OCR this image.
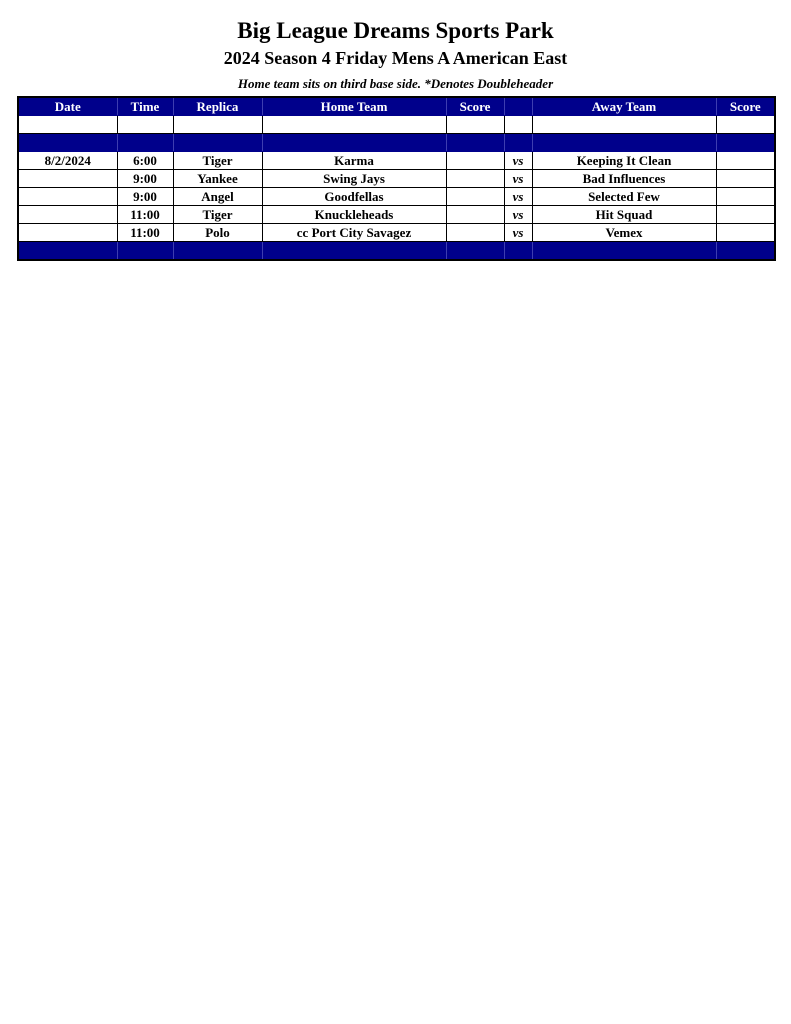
Big League Dreams Sports Park
2024 Season 4 Friday Mens A American East
Home team sits on third base side. *Denotes Doubleheader
Date	Time	Replica	Home Team	Score		Away Team	Score

8/2/2024	6:00	Tiger	Karma		vs	Keeping It Clean	
	9:00	Yankee	Swing Jays		vs	Bad Influences	
	9:00	Angel	Goodfellas		vs	Selected Few	
	11:00	Tiger	Knuckleheads		vs	Hit Squad	
	11:00	Polo	cc Port City Savagez		vs	Vemex	
